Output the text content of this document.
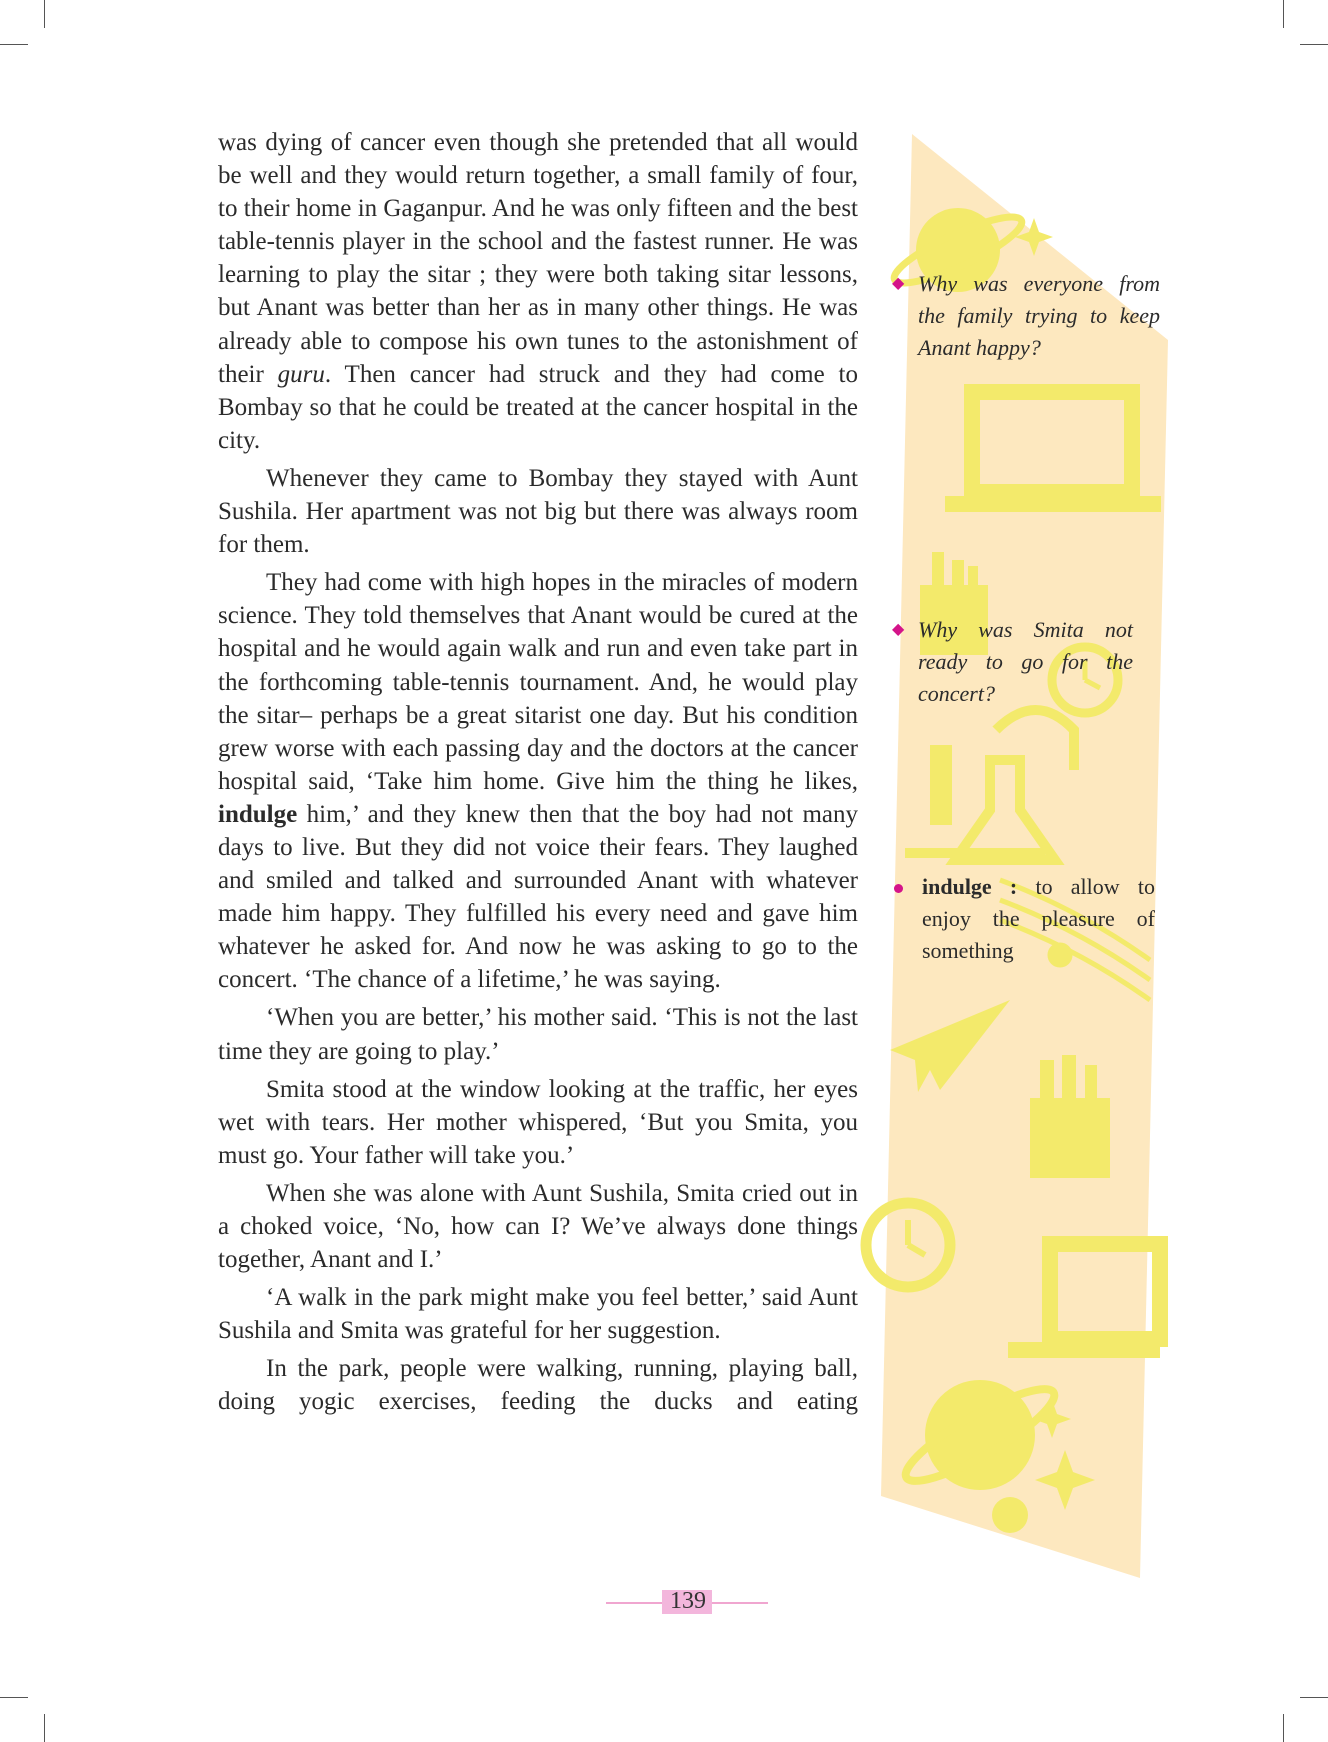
was dying of cancer even though she pretended that all would be well and they would return together, a small family of four, to their home in Gaganpur. And he was only fifteen and the best table-tennis player in the school and the fastest runner. He was learning to play the sitar ; they were both taking sitar lessons, but Anant was better than her as in many other things. He was already able to compose his own tunes to the astonishment of their guru. Then cancer had struck and they had come to Bombay so that he could be treated at the cancer hospital in the city.

Whenever they came to Bombay they stayed with Aunt Sushila. Her apartment was not big but there was always room for them.

They had come with high hopes in the miracles of modern science. They told themselves that Anant would be cured at the hospital and he would again walk and run and even take part in the forthcoming table-tennis tournament. And, he would play the sitar– perhaps be a great sitarist one day. But his condition grew worse with each passing day and the doctors at the cancer hospital said, ‘Take him home. Give him the thing he likes, indulge him,’ and they knew then that the boy had not many days to live. But they did not voice their fears. They laughed and smiled and talked and surrounded Anant with whatever made him happy. They fulfilled his every need and gave him whatever he asked for. And now he was asking to go to the concert. ‘The chance of a lifetime,’ he was saying.

‘When you are better,’ his mother said. ‘This is not the last time they are going to play.’

Smita stood at the window looking at the traffic, her eyes wet with tears. Her mother whispered, ‘But you Smita, you must go. Your father will take you.’

When she was alone with Aunt Sushila, Smita cried out in a choked voice, ‘No, how can I? We’ve always done things together, Anant and I.’

‘A walk in the park might make you feel better,’ said Aunt Sushila and Smita was grateful for her suggestion.

In the park, people were walking, running, playing ball, doing yogic exercises, feeding the ducks and eating

◆ Why was everyone from the family trying to keep Anant happy?
◆ Why was Smita not ready to go for the concert?
indulge : to allow to enjoy the pleasure of something
139
